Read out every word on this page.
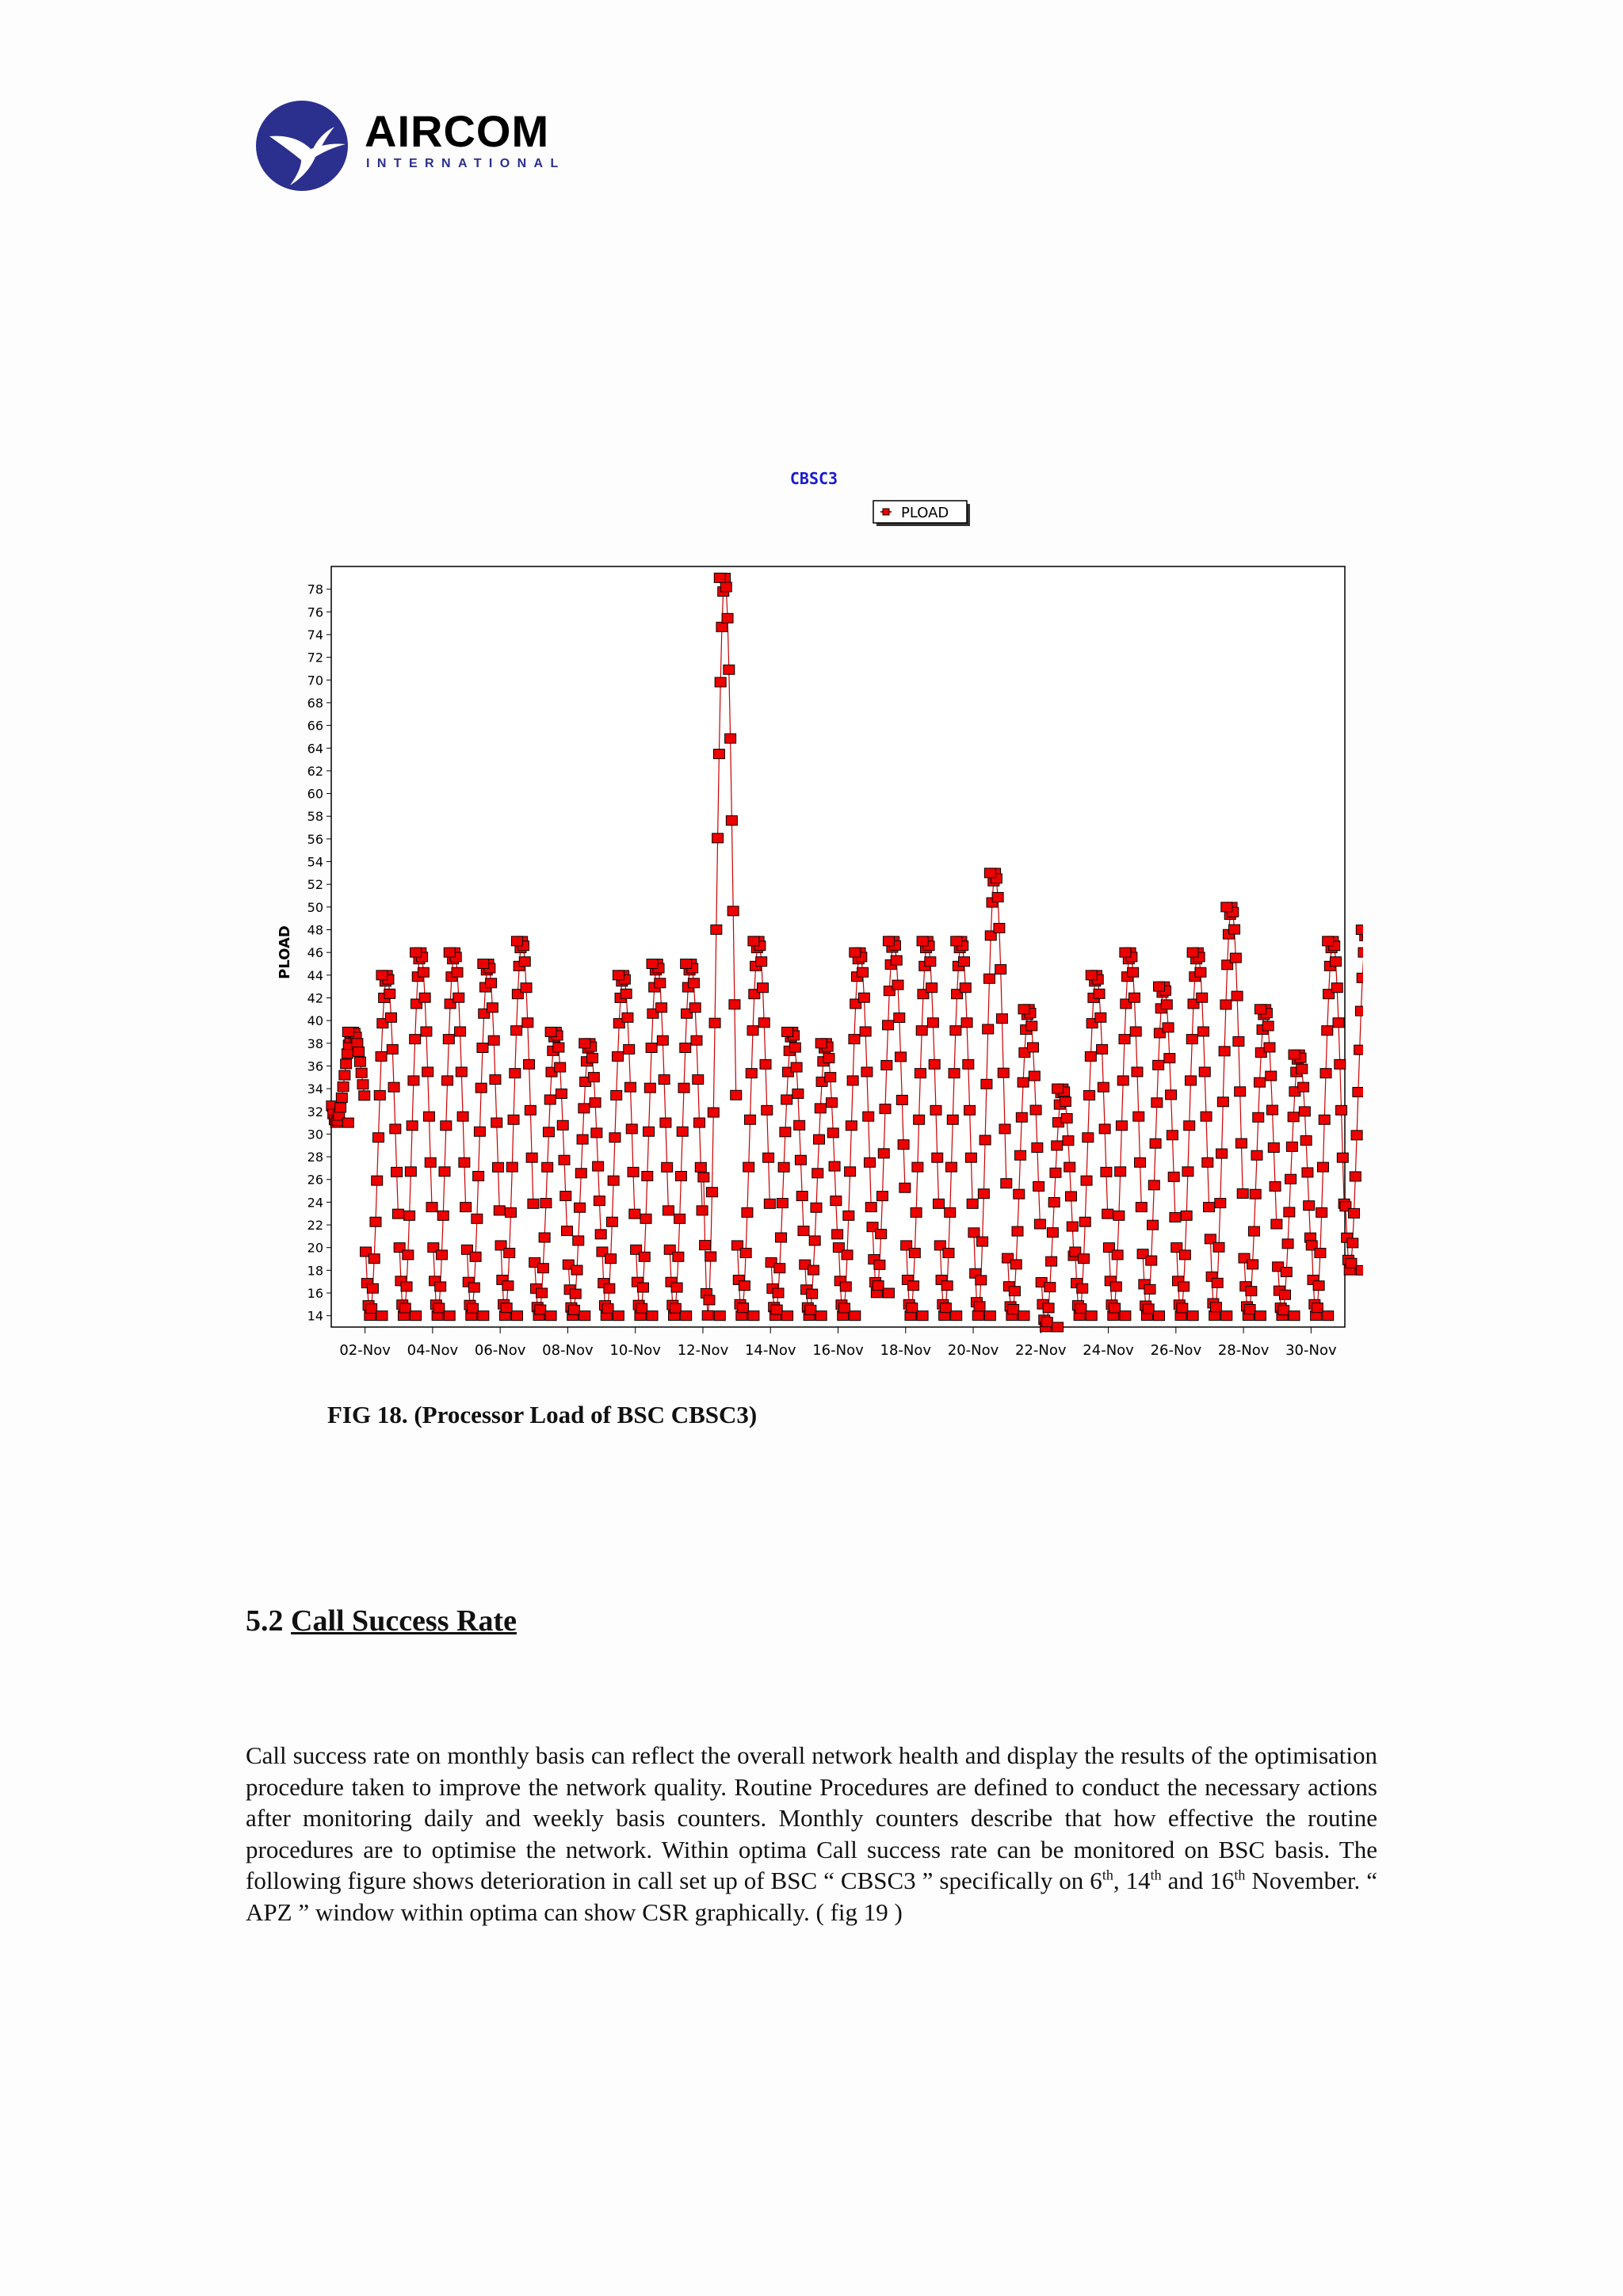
AIRCOM
INTERNATIONAL
CBSC3
PLOAD
14
16
18
20
22
24
26
28
30
32
34
36
38
40
42
44
46
48
50
52
54
56
58
60
62
64
66
68
70
72
74
76
78
02-Nov 04-Nov 06-Nov 08-Nov 10-Nov 12-Nov 14-Nov 16-Nov 18-Nov 20-Nov 22-Nov 24-Nov 26-Nov 28-Nov 30-Nov
PLOAD
FIG 18. (Processor Load of BSC CBSC3)
5.2 Call Success Rate

Call success rate on monthly basis can reflect the overall network health and display the results of the optimisation procedure taken to improve the network quality. Routine Procedures are defined to conduct the necessary actions after monitoring daily and weekly basis counters. Monthly counters describe that how effective the routine procedures are to optimise the network. Within optima Call success rate can be monitored on BSC basis. The following figure shows deterioration in call set up of BSC “ CBSC3 ” specifically on 6th, 14th and 16th November. “ APZ ” window within optima can show CSR graphically. ( fig 19 )
